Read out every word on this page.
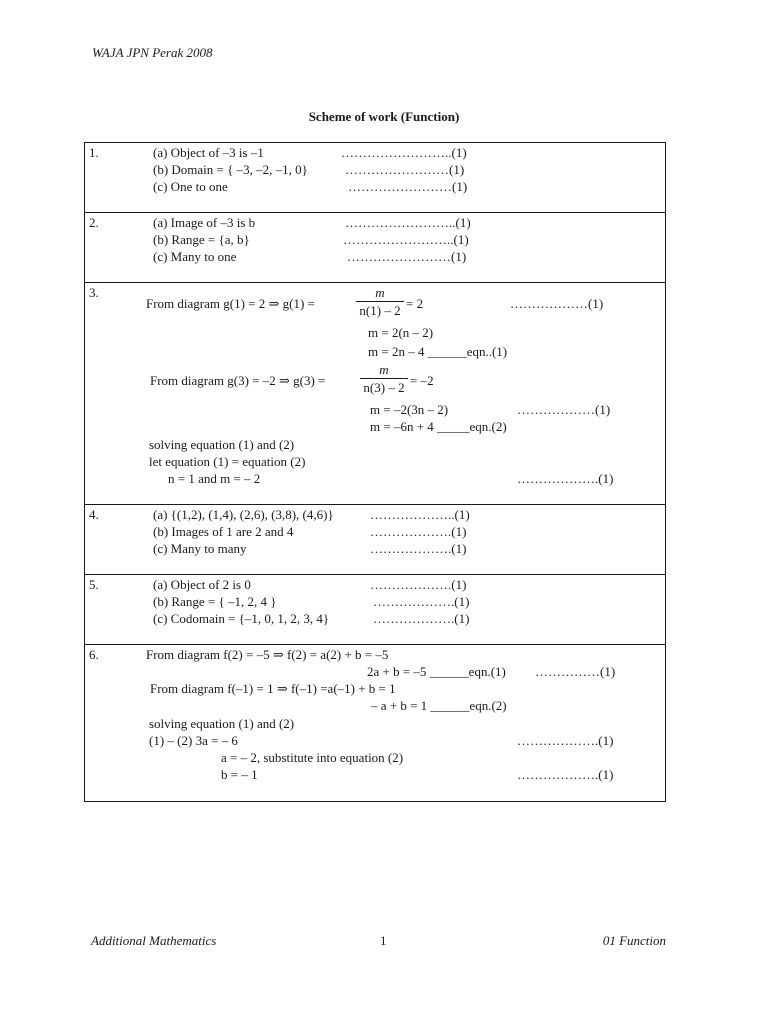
WAJA JPN Perak 2008
Scheme of work (Function)
1.	(a) Object of –3 is –1	……………………..(1)
(b) Domain = { –3, –2, –1, 0}	……………………(1)
(c) One to one	……………………(1)
2.	(a) Image of –3 is b	……………………..(1)
(b) Range = {a, b}	……………………..(1)
(c) Many to one	……………………(1)
3.
From diagram g(1) = 2 ⇒ g(1) =	$\frac{m}{n(1) - 2} = 2$	………………(1)
m = 2(n – 2)
m = 2n – 4 ______eqn..(1)
From diagram g(3) = –2 ⇒ g(3) =	$\frac{m}{n(3) - 2} = -2$
m = –2(3n – 2)	………………(1)
m = –6n + 4 _____eqn.(2)
solving equation (1) and (2)
let equation (1) = equation (2)
n = 1 and m = – 2	……………….(1)
4.	(a) {(1,2), (1,4), (2,6), (3,8), (4,6)}	………………..(1)
(b) Images of 1 are 2 and 4	……………….(1)
(c) Many to many	……………….(1)
5.	(a) Object of 2 is 0	……………….(1)
(b) Range = { –1, 2, 4 }	……………….(1)
(c) Codomain = {–1, 0, 1, 2, 3, 4}	……………….(1)
6.	From diagram f(2) = –5 ⇒ f(2) = a(2) + b = –5
2a + b = –5 ______eqn.(1) ……………(1)
From diagram f(–1) = 1 ⇒ f(–1) =a(–1) + b = 1
– a + b = 1 ______eqn.(2)
solving equation (1) and (2)
(1) – (2) 3a = – 6	……………….(1)
a = – 2, substitute into equation (2)
b = – 1	……………….(1)
Additional Mathematics	1	01 Function
